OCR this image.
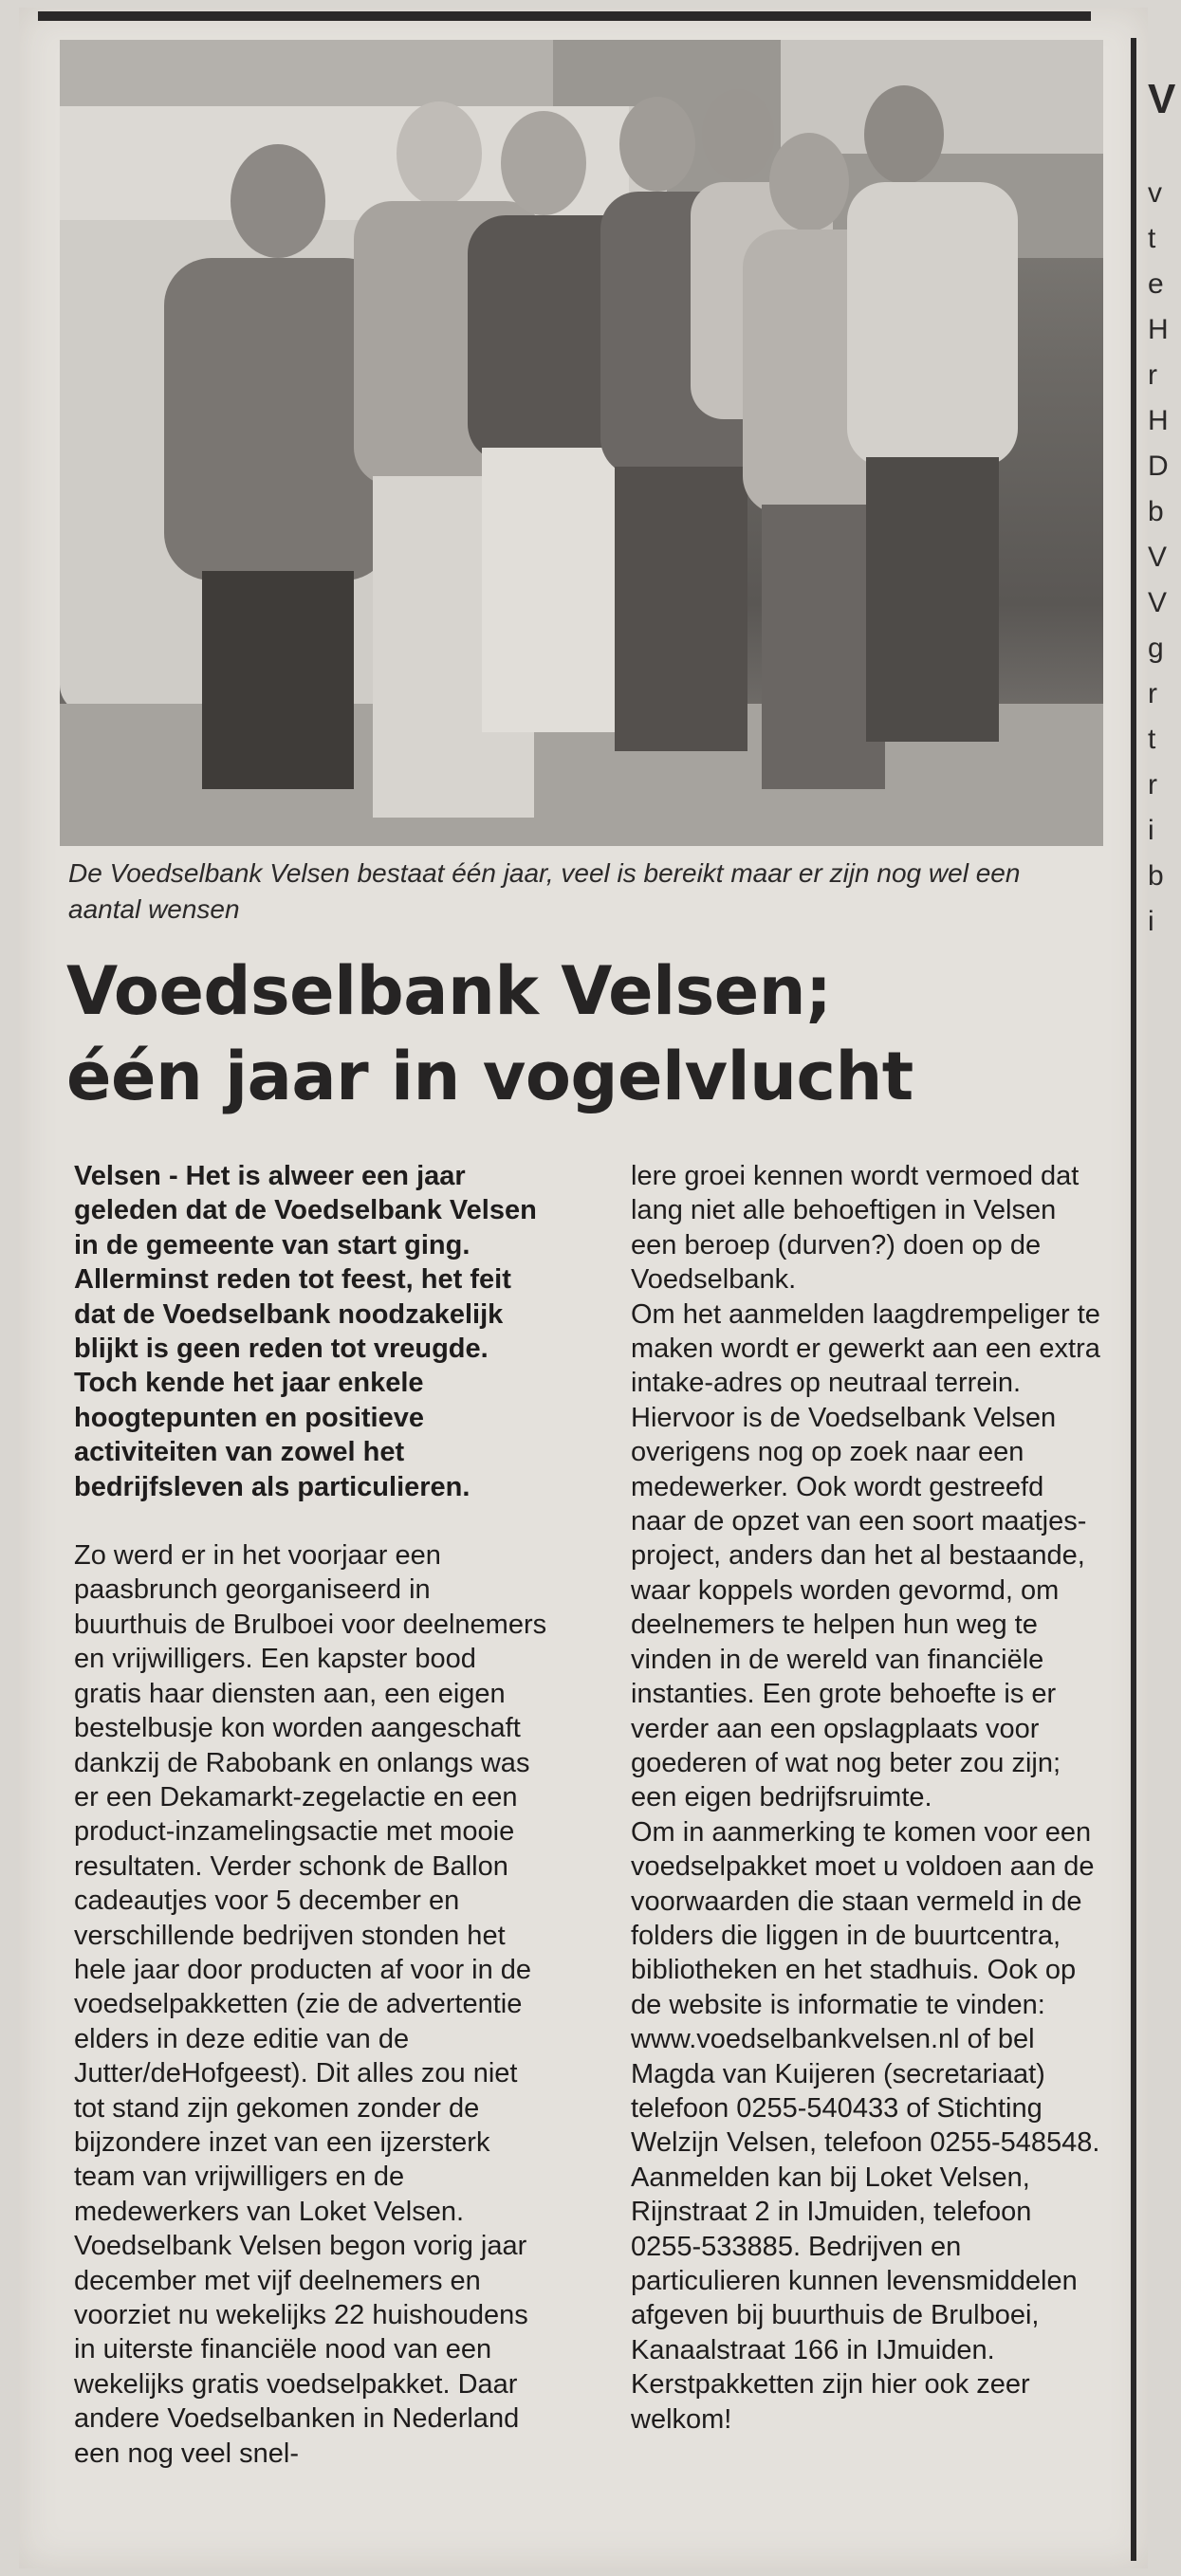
V
v
t
e
H
r
H
D
b
V
V
g
r
t
r
i
b
i
De Voedselbank Velsen bestaat één jaar, veel is bereikt maar er zijn nog wel een aantal wensen
Voedselbank Velsen;
één jaar in vogelvlucht

Velsen - Het is alweer een jaar geleden dat de Voedselbank Velsen in de gemeente van start ging. Allerminst reden tot feest, het feit dat de Voedselbank noodzakelijk blijkt is geen reden tot vreugde. Toch kende het jaar enkele hoogtepunten en positieve activiteiten van zowel het bedrijfsleven als particulieren.

Zo werd er in het voorjaar een paasbrunch georganiseerd in buurthuis de Brulboei voor deelnemers en vrijwilligers. Een kapster bood gratis haar diensten aan, een eigen bestelbusje kon worden aangeschaft dankzij de Rabobank en onlangs was er een Dekamarkt-zegelactie en een product-inzamelingsactie met mooie resultaten. Verder schonk de Ballon cadeautjes voor 5 december en verschillende bedrijven stonden het hele jaar door producten af voor in de voedselpakketten (zie de advertentie elders in deze editie van de Jutter/deHofgeest). Dit alles zou niet tot stand zijn gekomen zonder de bijzondere inzet van een ijzersterk team van vrijwilligers en de medewerkers van Loket Velsen.

Voedselbank Velsen begon vorig jaar december met vijf deelnemers en voorziet nu wekelijks 22 huishoudens in uiterste financiële nood van een wekelijks gratis voedselpakket. Daar andere Voedselbanken in Nederland een nog veel snel-

lere groei kennen wordt vermoed dat lang niet alle behoeftigen in Velsen een beroep (durven?) doen op de Voedselbank.

Om het aanmelden laagdrempeliger te maken wordt er gewerkt aan een extra intake-adres op neutraal terrein. Hiervoor is de Voedselbank Velsen overigens nog op zoek naar een medewerker. Ook wordt gestreefd naar de opzet van een soort maatjes-project, anders dan het al bestaande, waar koppels worden gevormd, om deelnemers te helpen hun weg te vinden in de wereld van financiële instanties. Een grote behoefte is er verder aan een opslagplaats voor goederen of wat nog beter zou zijn; een eigen bedrijfsruimte.

Om in aanmerking te komen voor een voedselpakket moet u voldoen aan de voorwaarden die staan vermeld in de folders die liggen in de buurtcentra, bibliotheken en het stadhuis. Ook op de website is informatie te vinden: www.voedselbankvelsen.nl of bel Magda van Kuijeren (secretariaat) telefoon 0255-540433 of Stichting Welzijn Velsen, telefoon 0255-548548. Aanmelden kan bij Loket Velsen, Rijnstraat 2 in IJmuiden, telefoon 0255-533885. Bedrijven en particulieren kunnen levensmiddelen afgeven bij buurthuis de Brulboei, Kanaalstraat 166 in IJmuiden. Kerstpakketten zijn hier ook zeer welkom!
